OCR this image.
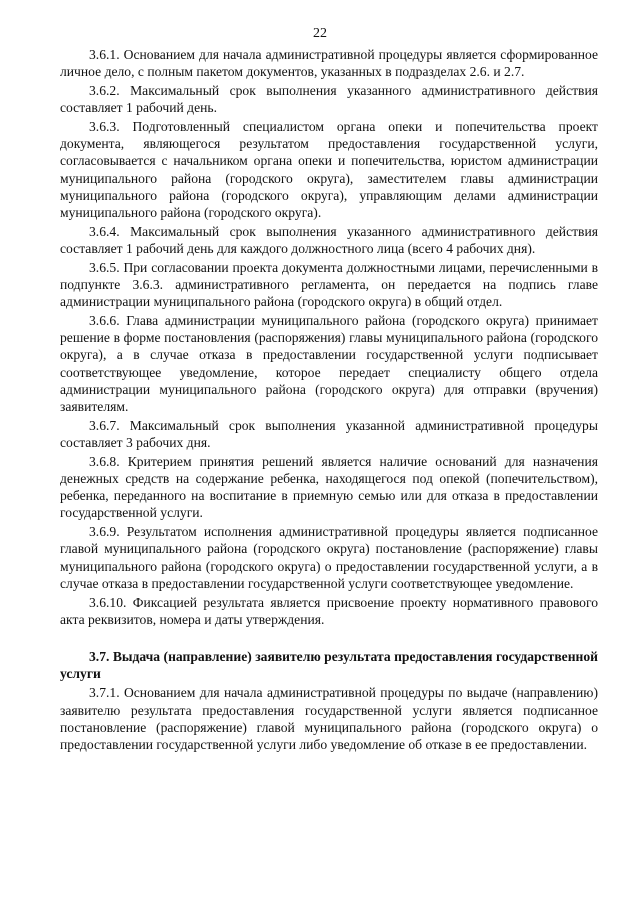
22

3.6.1. Основанием для начала административной процедуры является сформированное личное дело, с полным пакетом документов, указанных в подразделах 2.6. и 2.7.

3.6.2. Максимальный срок выполнения указанного административного действия составляет 1 рабочий день.

3.6.3. Подготовленный специалистом органа опеки и попечительства проект документа, являющегося результатом предоставления государственной услуги, согласовывается с начальником органа опеки и попечительства, юристом администрации муниципального района (городского округа), заместителем главы администрации муниципального района (городского округа), управляющим делами администрации муниципального района (городского округа).

3.6.4. Максимальный срок выполнения указанного административного действия составляет 1 рабочий день для каждого должностного лица (всего 4 рабочих дня).

3.6.5. При согласовании проекта документа должностными лицами, перечисленными в подпункте 3.6.3. административного регламента, он передается на подпись главе администрации муниципального района (городского округа) в общий отдел.

3.6.6. Глава администрации муниципального района (городского округа) принимает решение в форме постановления (распоряжения) главы муниципального района (городского округа), а в случае отказа в предоставлении государственной услуги подписывает соответствующее уведомление, которое передает специалисту общего отдела администрации муниципального района (городского округа) для отправки (вручения) заявителям.

3.6.7. Максимальный срок выполнения указанной административной процедуры составляет 3 рабочих дня.

3.6.8. Критерием принятия решений является наличие оснований для назначения денежных средств на содержание ребенка, находящегося под опекой (попечительством), ребенка, переданного на воспитание в приемную семью или для отказа в предоставлении государственной услуги.

3.6.9. Результатом исполнения административной процедуры является подписанное главой муниципального района (городского округа) постановление (распоряжение) главы муниципального района (городского округа) о предоставлении государственной услуги, а в случае отказа в предоставлении государственной услуги соответствующее уведомление.

3.6.10. Фиксацией результата является присвоение проекту нормативного правового акта реквизитов, номера и даты утверждения.

3.7. Выдача (направление) заявителю результата предоставления государственной услуги

3.7.1. Основанием для начала административной процедуры по выдаче (направлению) заявителю результата предоставления государственной услуги является подписанное постановление (распоряжение) главой муниципального района (городского округа) о предоставлении государственной услуги либо уведомление об отказе в ее предоставлении.
